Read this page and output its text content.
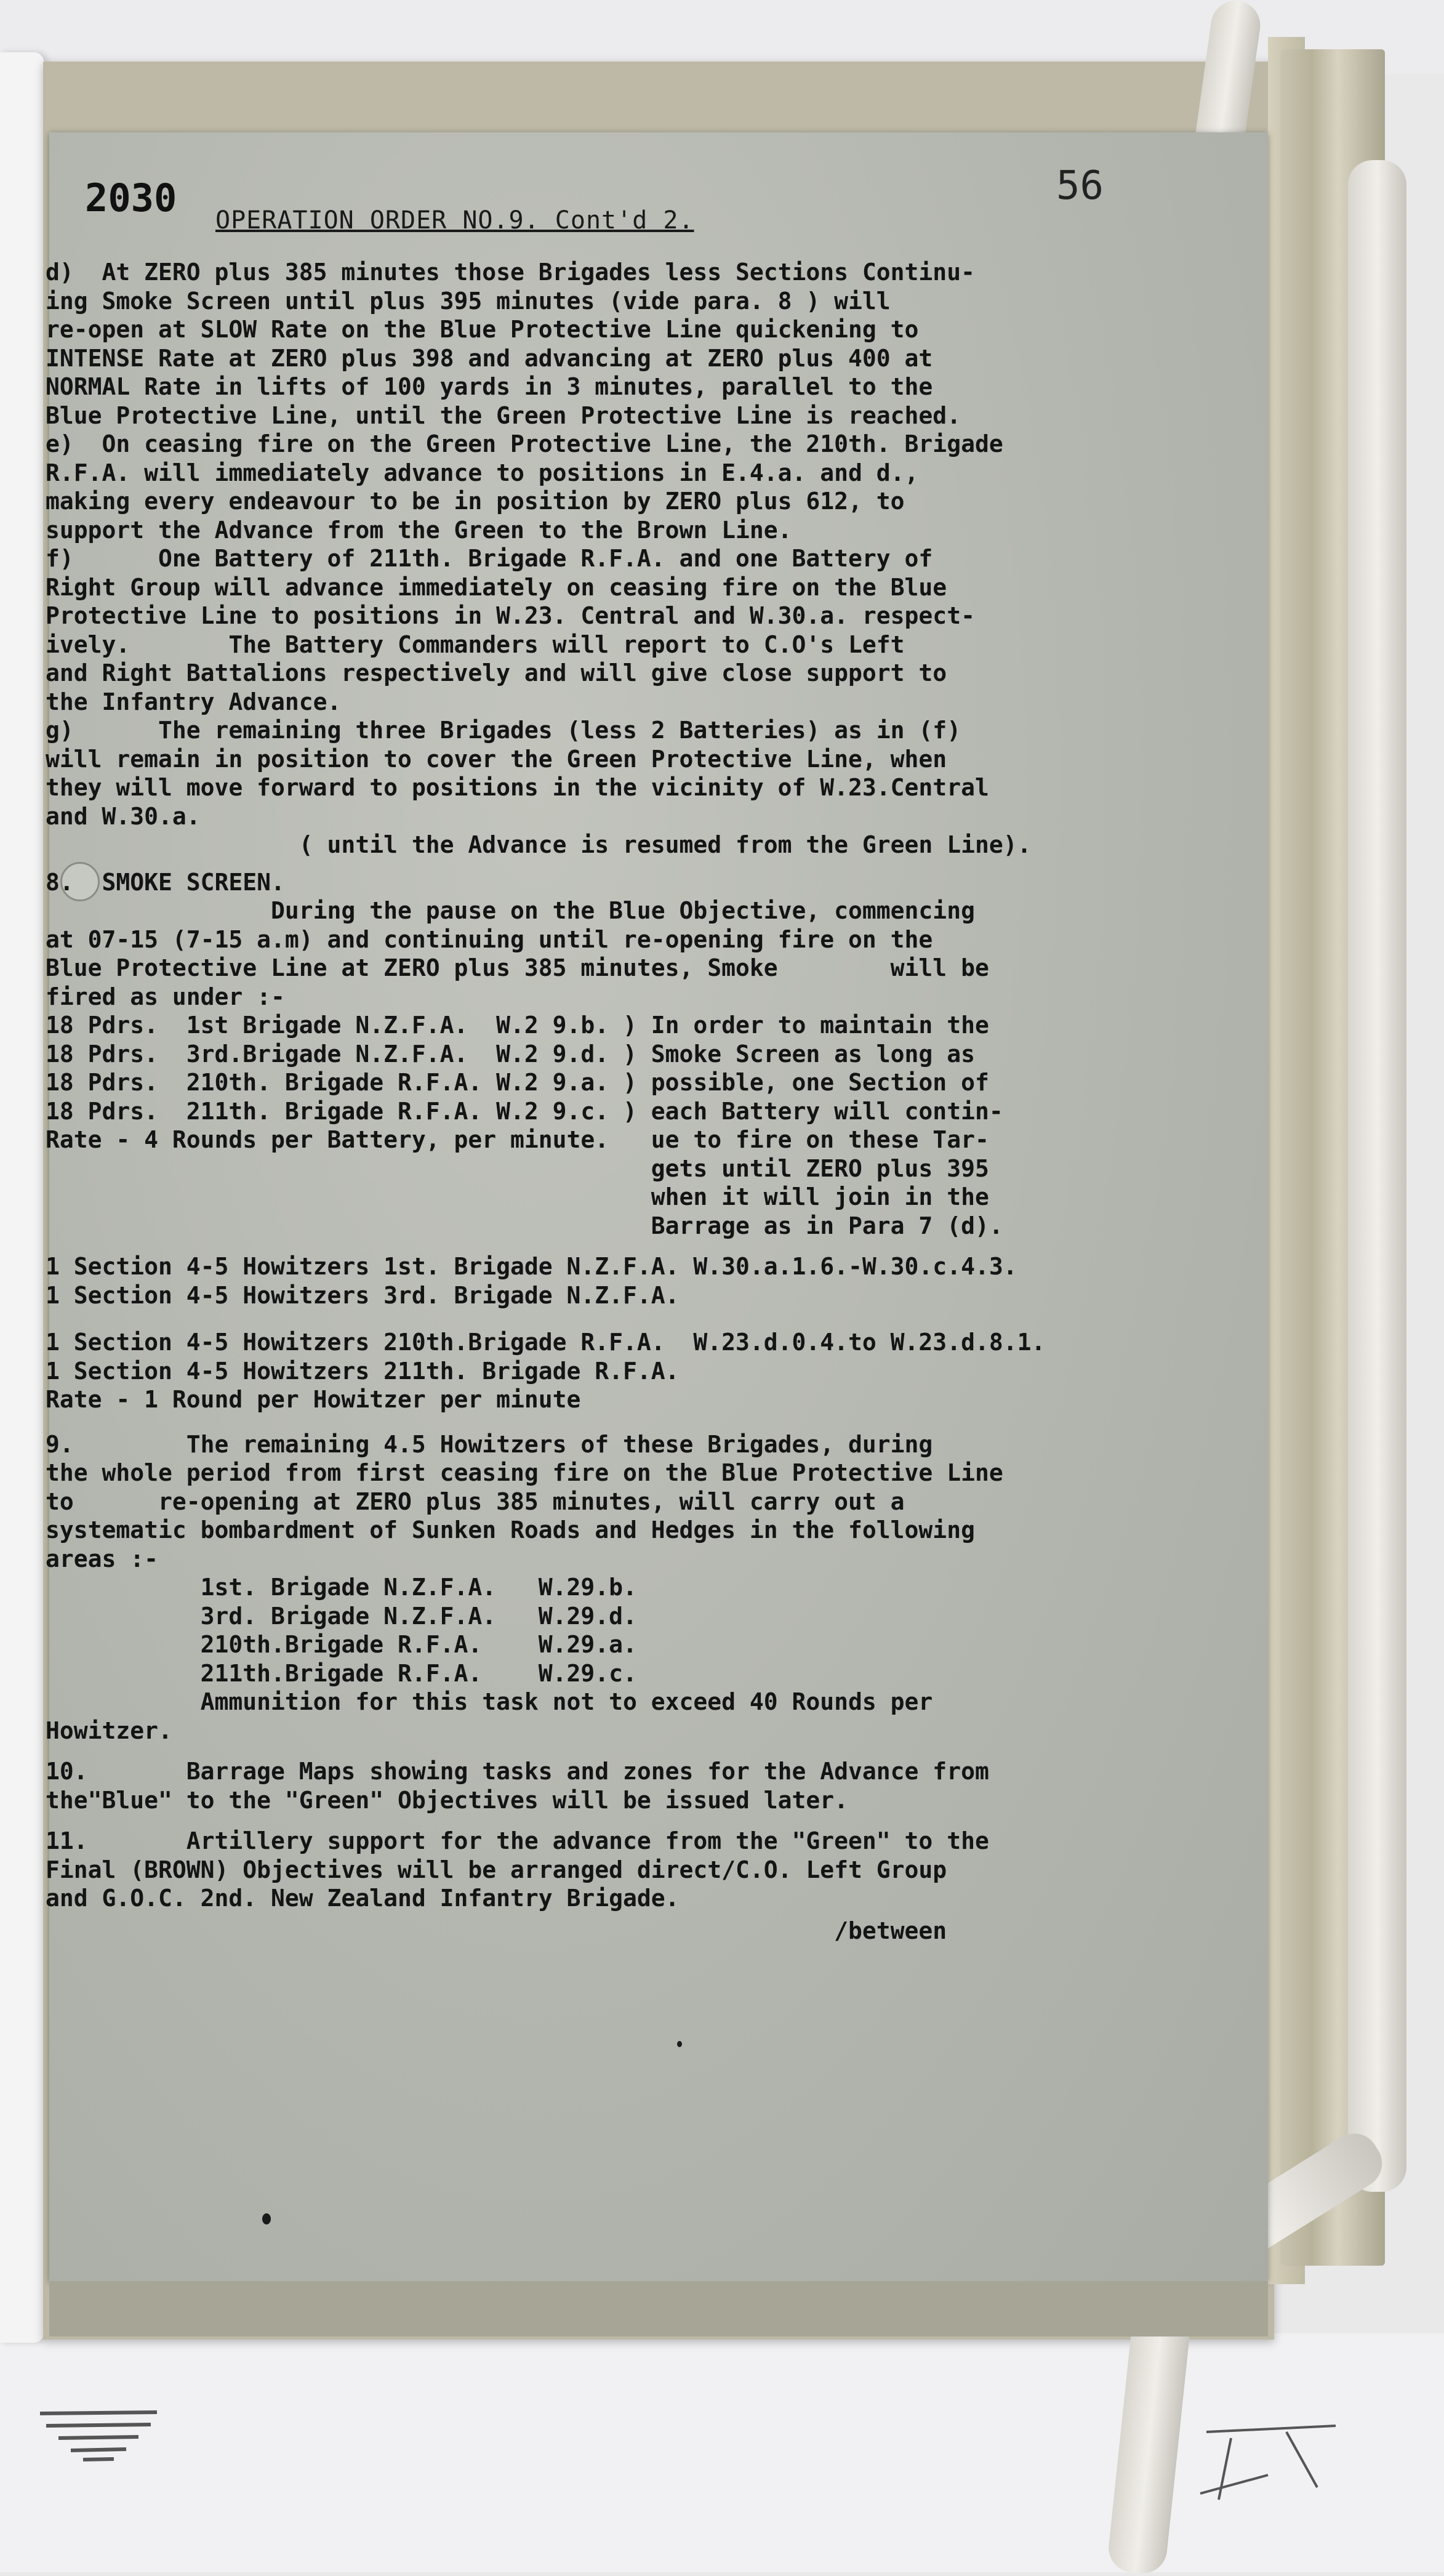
2030	56
OPERATION ORDER NO.9. Cont'd 2.
d)  At ZERO plus 385 minutes those Brigades less Sections Continu-
ing Smoke Screen until plus 395 minutes (vide para. 8 ) will
re-open at SLOW Rate on the Blue Protective Line quickening to
INTENSE Rate at ZERO plus 398 and advancing at ZERO plus 400 at
NORMAL Rate in lifts of 100 yards in 3 minutes, parallel to the
Blue Protective Line, until the Green Protective Line is reached.
e)  On ceasing fire on the Green Protective Line, the 210th. Brigade
R.F.A. will immediately advance to positions in E.4.a. and d.,
making every endeavour to be in position by ZERO plus 612, to
support the Advance from the Green to the Brown Line.
f)      One Battery of 211th. Brigade R.F.A. and one Battery of
Right Group will advance immediately on ceasing fire on the Blue
Protective Line to positions in W.23. Central and W.30.a. respect-
ively.       The Battery Commanders will report to C.O's Left
and Right Battalions respectively and will give close support to
the Infantry Advance.
g)      The remaining three Brigades (less 2 Batteries) as in (f)
will remain in position to cover the Green Protective Line, when
they will move forward to positions in the vicinity of W.23.Central
and W.30.a.
( until the Advance is resumed from the Green Line).
8.  SMOKE SCREEN.
During the pause on the Blue Objective, commencing
at 07-15 (7-15 a.m) and continuing until re-opening fire on the
Blue Protective Line at ZERO plus 385 minutes, Smoke        will be
fired as under :-
18 Pdrs.  1st Brigade N.Z.F.A.  W.2 9.b. ) In order to maintain the
18 Pdrs.  3rd.Brigade N.Z.F.A.  W.2 9.d. ) Smoke Screen as long as
18 Pdrs.  210th. Brigade R.F.A. W.2 9.a. ) possible, one Section of
18 Pdrs.  211th. Brigade R.F.A. W.2 9.c. ) each Battery will contin-
Rate - 4 Rounds per Battery, per minute.   ue to fire on these Tar-
gets until ZERO plus 395
when it will join in the
Barrage as in Para 7 (d).
1 Section 4-5 Howitzers 1st. Brigade N.Z.F.A. W.30.a.1.6.-W.30.c.4.3.
1 Section 4-5 Howitzers 3rd. Brigade N.Z.F.A.
1 Section 4-5 Howitzers 210th.Brigade R.F.A.  W.23.d.0.4.to W.23.d.8.1.
1 Section 4-5 Howitzers 211th. Brigade R.F.A.
Rate - 1 Round per Howitzer per minute
9.        The remaining 4.5 Howitzers of these Brigades, during
the whole period from first ceasing fire on the Blue Protective Line
to      re-opening at ZERO plus 385 minutes, will carry out a
systematic bombardment of Sunken Roads and Hedges in the following
areas :-
1st. Brigade N.Z.F.A.   W.29.b.
3rd. Brigade N.Z.F.A.   W.29.d.
210th.Brigade R.F.A.    W.29.a.
211th.Brigade R.F.A.    W.29.c.
Ammunition for this task not to exceed 40 Rounds per
Howitzer.
10.       Barrage Maps showing tasks and zones for the Advance from
the"Blue" to the "Green" Objectives will be issued later.
11.       Artillery support for the advance from the "Green" to the
Final (BROWN) Objectives will be arranged direct/C.O. Left Group
and G.O.C. 2nd. New Zealand Infantry Brigade.
/between
